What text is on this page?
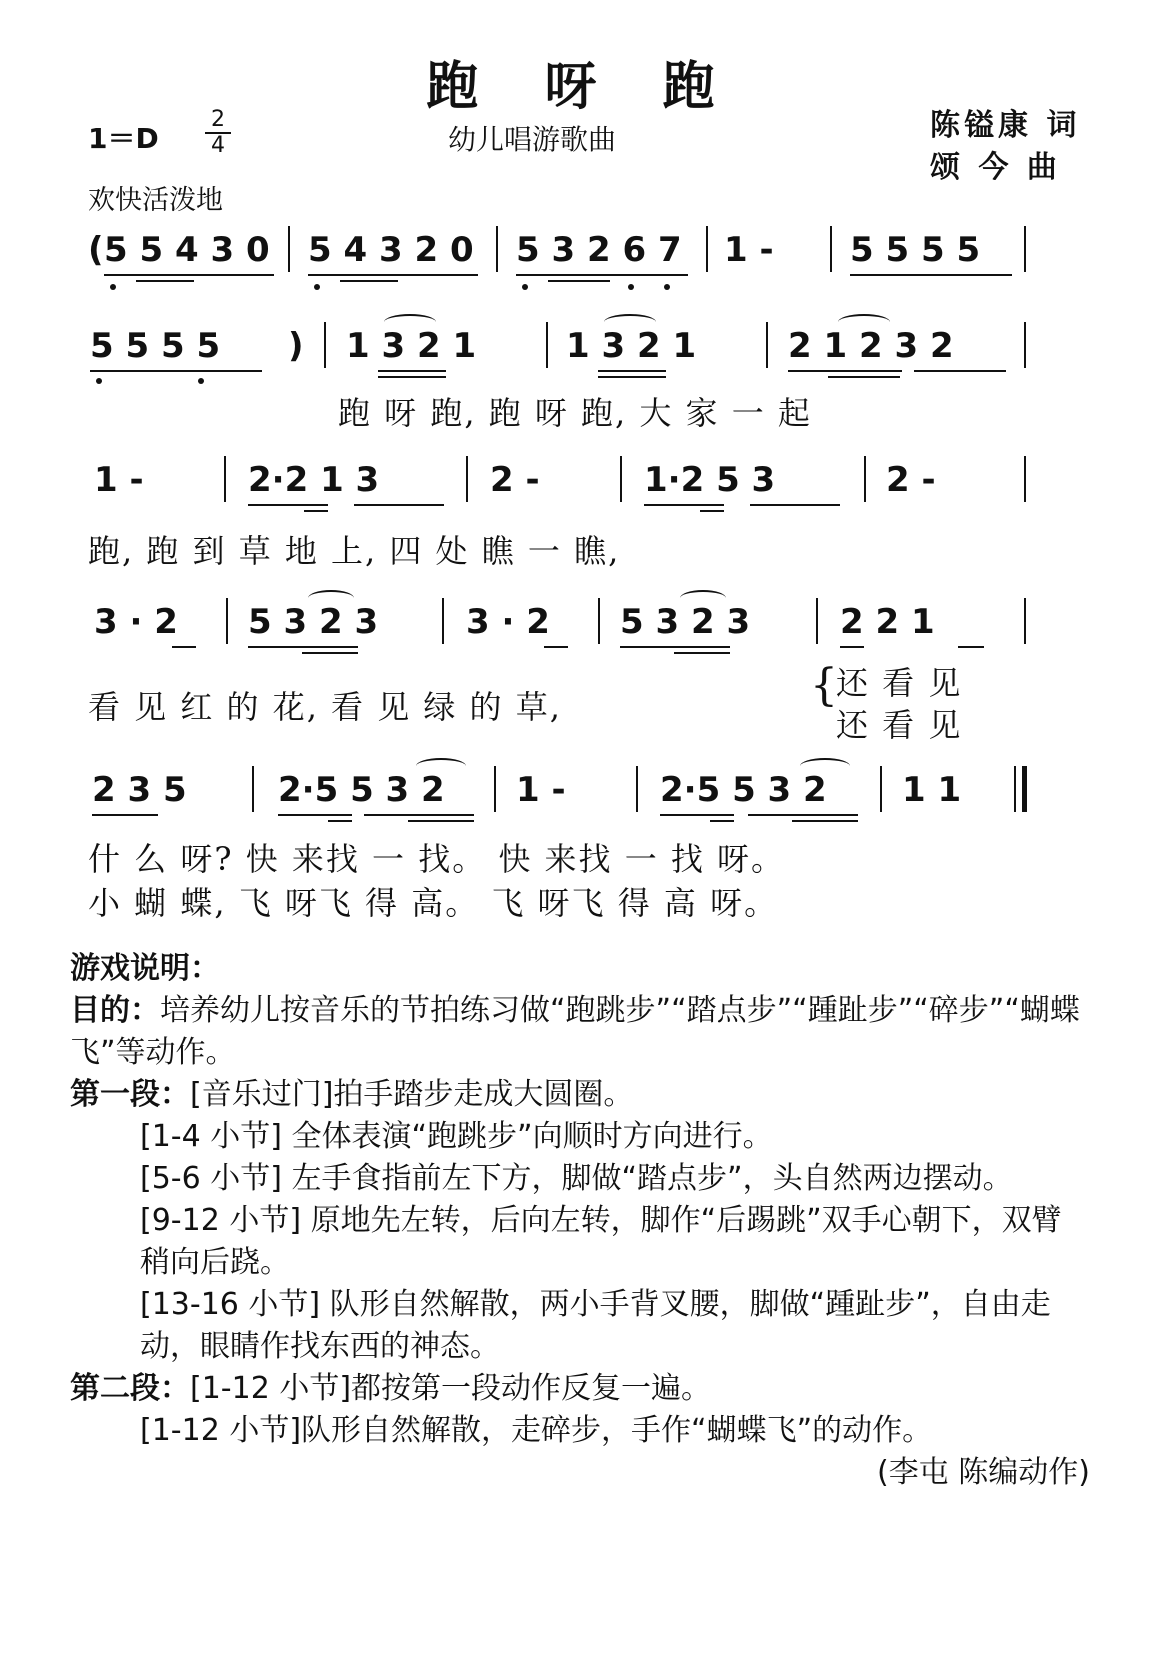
跑 呀 跑
1＝D
2
4	幼儿唱游歌曲
欢快活泼地
陈镒康 词
颂 今 曲
( 5 5 4 3 0 5 4 3 2 0 5 3 2 6 7 1 - 5 5 5 5
5 5 5 5 ) 1 3 2 1	1 3 2 1	2 1 2 3 2
跑 呀 跑, 跑 呀 跑, 大 家 一 起
1 -	2·2 1 3	2 -	1·2 5 3	2 -
跑, 跑 到 草 地 上, 四 处 瞧 一 瞧,
3 · 2 5 3 2 3	3 · 2 5 3 2 3	2 2 1
看 见 红 的 花, 看 见 绿 的 草,	{
还 看 见
还 看 见
2 3 5	2·5 5 3 2 1 -	2·5 5 3 2 1 1
什 么 呀? 快 来找 一 找。 快 来找 一 找 呀。
小 蝴 蝶, 飞 呀飞 得 高。 飞 呀飞 得 高 呀。

游戏说明：

目的：培养幼儿按音乐的节拍练习做“跑跳步”“踏点步”“踵趾步”“碎步”“蝴蝶飞”等动作。

第一段：[音乐过门]拍手踏步走成大圆圈。

[1-4 小节] 全体表演“跑跳步”向顺时方向进行。

[5-6 小节] 左手食指前左下方，脚做“踏点步”，头自然两边摆动。

[9-12 小节] 原地先左转，后向左转，脚作“后踢跳”双手心朝下，双臂稍向后跷。

[13-16 小节] 队形自然解散，两小手背叉腰，脚做“踵趾步”，自由走动，眼睛作找东西的神态。

第二段：[1-12 小节]都按第一段动作反复一遍。

[1-12 小节]队形自然解散，走碎步，手作“蝴蝶飞”的动作。

(李屯 陈编动作)
